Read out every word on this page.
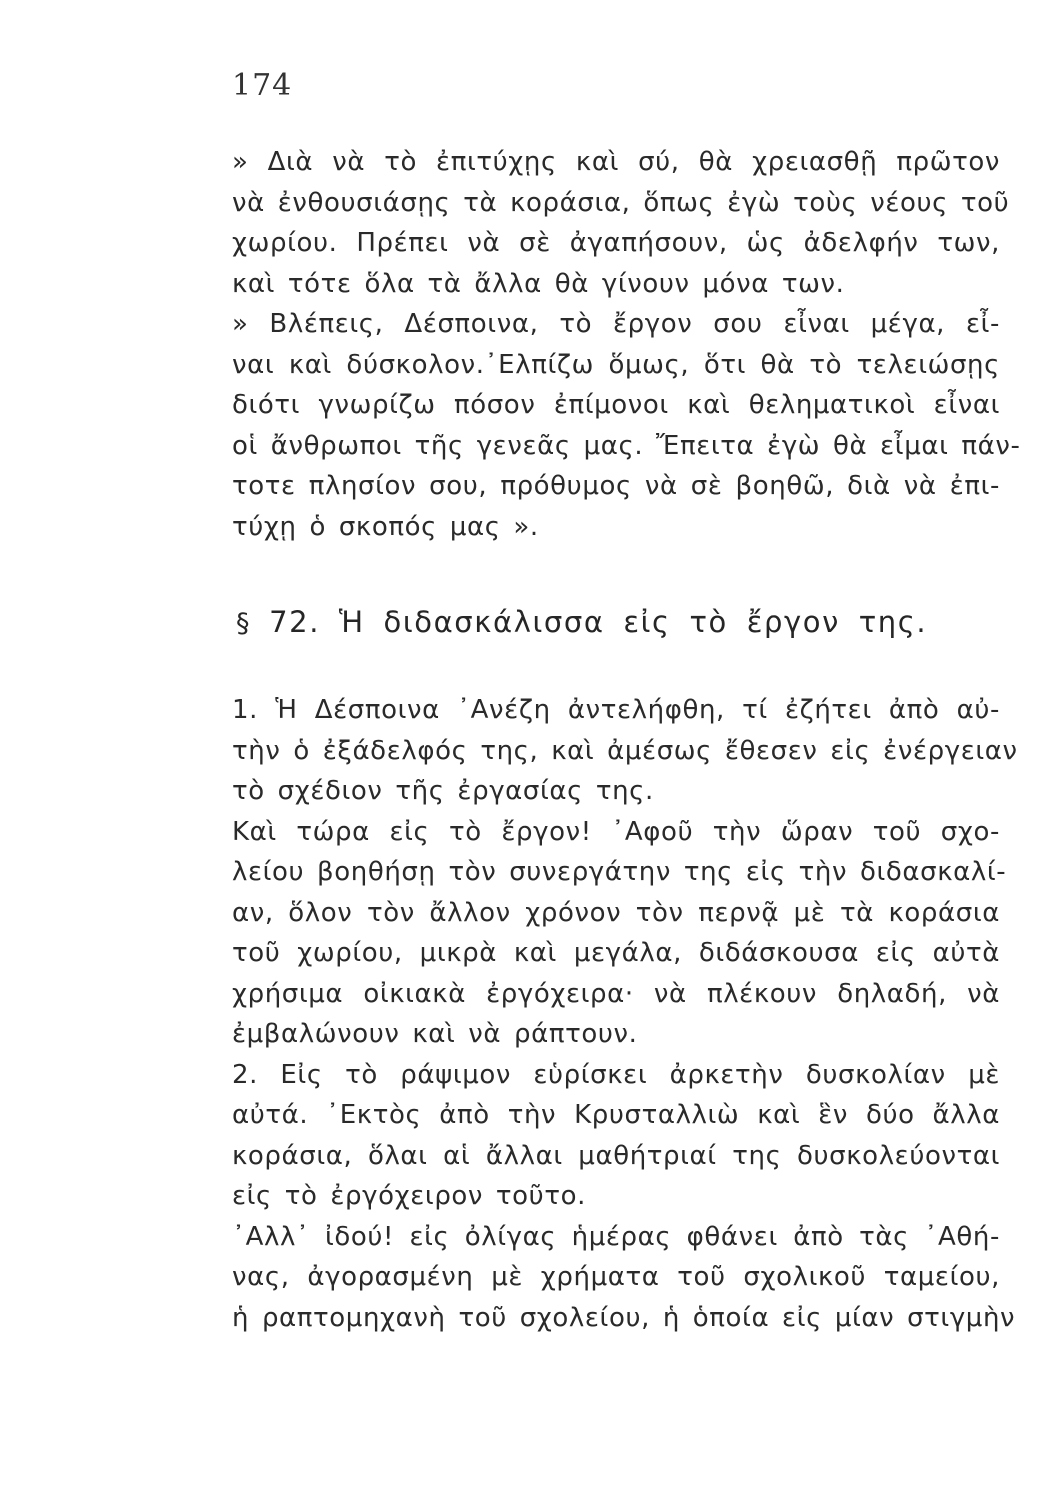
174
» Διὰ νὰ τὸ ἐπιτύχῃς καὶ σύ, θὰ χρειασθῇ πρῶτον
νὰ ἐνθουσιάσῃς τὰ κοράσια, ὅπως ἐγὼ τοὺς νέους τοῦ
χωρίου. Πρέπει νὰ σὲ ἀγαπήσουν, ὡς ἀδελφήν των,
καὶ τότε ὅλα τὰ ἄλλα θὰ γίνουν μόνα των.
» Βλέπεις, Δέσποινα, τὸ ἔργον σου εἶναι μέγα, εἶ-
ναι καὶ δύσκολον.᾽Ελπίζω ὅμως, ὅτι θὰ τὸ τελειώσῃς
διότι γνωρίζω πόσον ἐπίμονοι καὶ θεληματικοὶ εἶναι
οἱ ἄνθρωποι τῆς γενεᾶς μας. Ἔπειτα ἐγὼ θὰ εἶμαι πάν-
τοτε πλησίον σου, πρόθυμος νὰ σὲ βοηθῶ, διὰ νὰ ἐπι-
τύχῃ ὁ σκοπός μας ».
§ 72. Ἡ διδασκάλισσα εἰς τὸ ἔργον της.
1. Ἡ Δέσποινα ᾽Ανέζη ἀντελήφθη, τί ἐζήτει ἀπὸ αὐ-
τὴν ὁ ἐξάδελφός της, καὶ ἀμέσως ἔθεσεν εἰς ἐνέργειαν
τὸ σχέδιον τῆς ἐργασίας της.
Καὶ τώρα εἰς τὸ ἔργον! ᾽Αφοῦ τὴν ὥραν τοῦ σχο-
λείου βοηθήσῃ τὸν συνεργάτην της εἰς τὴν διδασκαλί-
αν, ὅλον τὸν ἄλλον χρόνον τὸν περνᾷ μὲ τὰ κοράσια
τοῦ χωρίου, μικρὰ καὶ μεγάλα, διδάσκουσα εἰς αὐτὰ
χρήσιμα οἰκιακὰ ἐργόχειρα· νὰ πλέκουν δηλαδή, νὰ
ἐμβαλώνουν καὶ νὰ ράπτουν.
2. Εἰς τὸ ράψιμον εὑρίσκει ἀρκετὴν δυσκολίαν μὲ
αὐτά. ᾽Εκτὸς ἀπὸ τὴν Κρυσταλλιὼ καὶ ἓν δύο ἄλλα
κοράσια, ὅλαι αἱ ἄλλαι μαθήτριαί της δυσκολεύονται
εἰς τὸ ἐργόχειρον τοῦτο.
᾽Αλλ᾽ ἰδού! εἰς ὀλίγας ἡμέρας φθάνει ἀπὸ τὰς ᾽Αθή-
νας, ἀγορασμένη μὲ χρήματα τοῦ σχολικοῦ ταμείου,
ἡ ραπτομηχανὴ τοῦ σχολείου, ἡ ὁποία εἰς μίαν στιγμὴν
